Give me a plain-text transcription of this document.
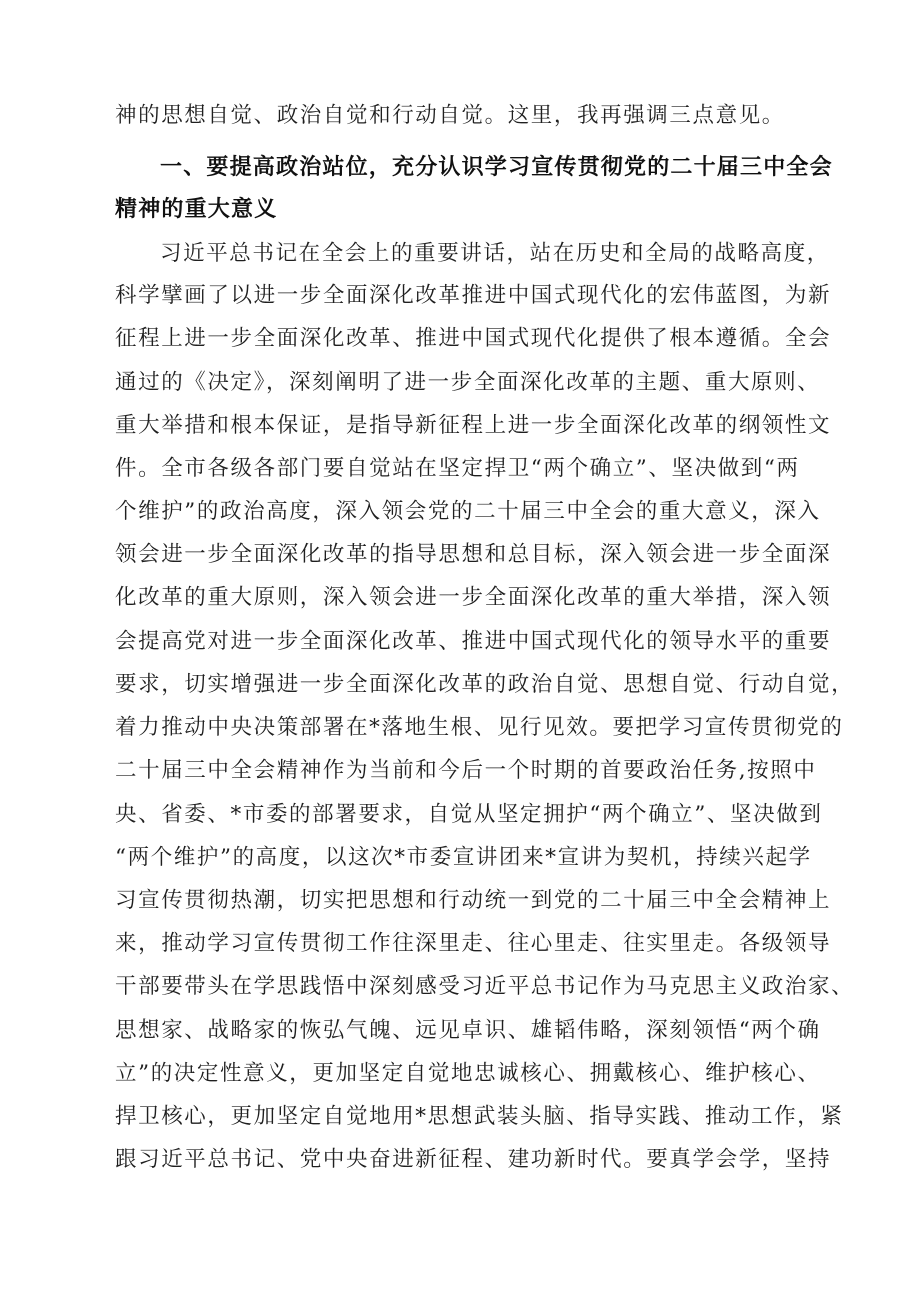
神的思想自觉、政治自觉和行动自觉。这里，我再强调三点意见。
一、要提高政治站位，充分认识学习宣传贯彻党的二十届三中全会
精神的重大意义
习近平总书记在全会上的重要讲话，站在历史和全局的战略高度，
科学擘画了以进一步全面深化改革推进中国式现代化的宏伟蓝图，为新
征程上进一步全面深化改革、推进中国式现代化提供了根本遵循。全会
通过的《决定》，深刻阐明了进一步全面深化改革的主题、重大原则、
重大举措和根本保证，是指导新征程上进一步全面深化改革的纲领性文
件。全市各级各部门要自觉站在坚定捍卫“两个确立”、坚决做到“两
个维护”的政治高度，深入领会党的二十届三中全会的重大意义，深入
领会进一步全面深化改革的指导思想和总目标，深入领会进一步全面深
化改革的重大原则，深入领会进一步全面深化改革的重大举措，深入领
会提高党对进一步全面深化改革、推进中国式现代化的领导水平的重要
要求，切实增强进一步全面深化改革的政治自觉、思想自觉、行动自觉，
着力推动中央决策部署在*落地生根、见行见效。要把学习宣传贯彻党的
二十届三中全会精神作为当前和今后一个时期的首要政治任务,按照中
央、省委、*市委的部署要求，自觉从坚定拥护“两个确立”、坚决做到
“两个维护”的高度，以这次*市委宣讲团来*宣讲为契机，持续兴起学
习宣传贯彻热潮，切实把思想和行动统一到党的二十届三中全会精神上
来，推动学习宣传贯彻工作往深里走、往心里走、往实里走。各级领导
干部要带头在学思践悟中深刻感受习近平总书记作为马克思主义政治家、
思想家、战略家的恢弘气魄、远见卓识、雄韬伟略，深刻领悟“两个确
立”的决定性意义，更加坚定自觉地忠诚核心、拥戴核心、维护核心、
捍卫核心，更加坚定自觉地用*思想武装头脑、指导实践、推动工作，紧
跟习近平总书记、党中央奋进新征程、建功新时代。要真学会学，坚持
